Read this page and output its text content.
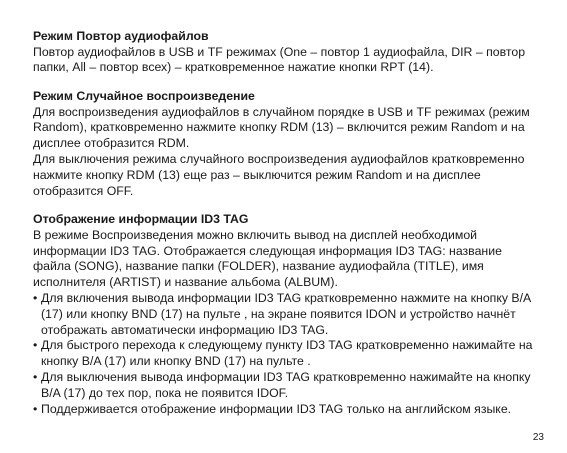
Режим Повтор аудиофайлов

Повтор аудиофайлов в USB и TF режимах (One – повтор 1 аудиофайла, DIR – повтор папки, All – повтор всех) – кратковременное нажатие кнопки RPT (14).

Режим Случайное воспроизведение

Для воспроизведения аудиофайлов в случайном порядке в USB и TF режимах (режим Random), кратковременно нажмите кнопку RDM (13) – включится режим Random и на дисплее отобразится RDM.

Для выключения режима случайного воспроизведения аудиофайлов кратковременно нажмите кнопку RDM (13) еще раз – выключится режим Random и на дисплее отобразится OFF.

Отображение информации ID3 TAG

В режиме Воспроизведения можно включить вывод на дисплей необходимой информации ID3 TAG. Отображается следующая информация ID3 TAG: название файла (SONG), название папки (FOLDER), название аудиофайла (TITLE), имя исполнителя (ARTIST) и название альбома (ALBUM).

• Для включения вывода информации ID3 TAG кратковременно нажмите на кнопку B/A (17) или кнопку BND (17) на пульте , на экране появится IDON и устройство начнёт отображать автоматически информацию ID3 TAG.
• Для быстрого перехода к следующему пункту ID3 TAG кратковременно нажимайте на кнопку B/A (17) или кнопку BND (17) на пульте .
• Для выключения вывода информации ID3 TAG кратковременно нажимайте на кнопку B/A (17) до тех пор, пока не появится IDOF.
• Поддерживается отображение информации ID3 TAG только на английском языке.
23
